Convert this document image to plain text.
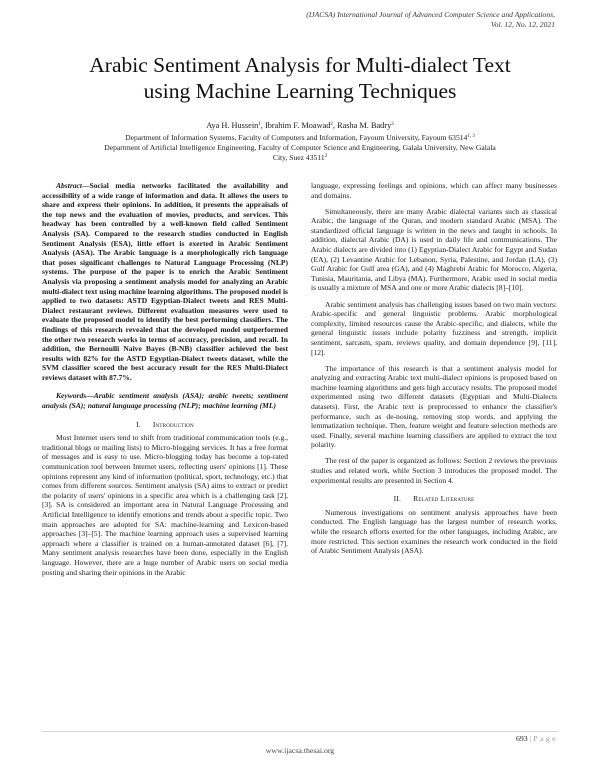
(IJACSA) International Journal of Advanced Computer Science and Applications,
Vol. 12, No. 12, 2021
Arabic Sentiment Analysis for Multi-dialect Text
using Machine Learning Techniques
Aya H. Hussein$^1$, Ibrahim F. Moawad$^2$, Rasha M. Badry$^3$
Department of Information Systems, Faculty of Computers and Information, Fayoum University, Fayoum 63514$^{1, 3}$
Department of Artificial Intelligence Engineering, Faculty of Computer Science and Engineering, Galala University, New Galala
City, Suez 43511$^2$

Abstract—Social media networks facilitated the availability and accessibility of a wide range of information and data. It allows the users to share and express their opinions. In addition, it presents the appraisals of the top news and the evaluation of movies, products, and services. This headway has been controlled by a well-known field called Sentiment Analysis (SA). Compared to the research studies conducted in English Sentiment Analysis (ESA), little effort is exerted in Arabic Sentiment Analysis (ASA). The Arabic language is a morphologically rich language that poses significant challenges to Natural Language Processing (NLP) systems. The purpose of the paper is to enrich the Arabic Sentiment Analysis via proposing a sentiment analysis model for analyzing an Arabic multi-dialect text using machine learning algorithms. The proposed model is applied to two datasets: ASTD Egyptian-Dialect tweets and RES Multi-Dialect restaurant reviews. Different evaluation measures were used to evaluate the proposed model to identify the best performing classifiers. The findings of this research revealed that the developed model outperformed the other two research works in terms of accuracy, precision, and recall. In addition, the Bernoulli Naive Bayes (B-NB) classifier achieved the best results with 82% for the ASTD Egyptian-Dialect tweets dataset, while the SVM classifier scored the best accuracy result for the RES Multi-Dialect reviews dataset with 87.7%.

Keywords—Arabic sentiment analysis (ASA); arabic tweets; sentiment analysis (SA); natural language processing (NLP); machine learning (ML)

I. Introduction

Most Internet users tend to shift from traditional communication tools (e.g., traditional blogs or mailing lists) to Micro-blogging services. It has a free format of messages and is easy to use. Micro-blogging today has become a top-rated communication tool between Internet users, reflecting users' opinions [1]. These opinions represent any kind of information (political, sport, technology, etc.) that comes from different sources. Sentiment analysis (SA) aims to extract or predict the polarity of users' opinions in a specific area which is a challenging task [2], [3]. SA is considered an important area in Natural Language Processing and Artificial Intelligence to identify emotions and trends about a specific topic. Two main approaches are adopted for SA: machine-learning and Lexicon-based approaches [3]–[5]. The machine learning approach uses a supervised learning approach where a classifier is trained on a human-annotated dataset [6], [7]. Many sentiment analysis researches have been done, especially in the English language. However, there are a huge number of Arabic users on social media posting and sharing their opinions in the Arabic

language, expressing feelings and opinions, which can affect many businesses and domains.

Simultaneously, there are many Arabic dialectal variants such as classical Arabic, the language of the Quran, and modern standard Arabic (MSA). The standardized official language is written in the news and taught in schools. In addition, dialectal Arabic (DA) is used in daily life and communications. The Arabic dialects are divided into (1) Egyptian-Dialect Arabic for Egypt and Sudan (EA), (2) Levantine Arabic for Lebanon, Syria, Palestine, and Jordan (LA), (3) Gulf Arabic for Gulf area (GA), and (4) Maghrebi Arabic for Morocco, Algeria, Tunisia, Mauritania, and Libya (MA). Furthermore, Arabic used in social media is usually a mixture of MSA and one or more Arabic dialects [8]–[10].

Arabic sentiment analysis has challenging issues based on two main vectors: Arabic-specific and general linguistic problems. Arabic morphological complexity, limited resources cause the Arabic-specific, and dialects, while the general linguistic issues include polarity fuzziness and strength, implicit sentiment, sarcasm, spam, reviews quality, and domain dependence [9], [11], [12].

The importance of this research is that a sentiment analysis model for analyzing and extracting Arabic text multi-dialect opinions is proposed based on machine learning algorithms and gets high accuracy results. The proposed model experimented using two different datasets (Egyptian and Multi-Dialects datasets). First, the Arabic text is preprocessed to enhance the classifier's performance, such as de-nosing, removing stop words, and applying the lemmatization technique. Then, feature weight and feature selection methods are used. Finally, several machine learning classifiers are applied to extract the text polarity.

The rest of the paper is organized as follows: Section 2 reviews the previous studies and related work, while Section 3 introduces the proposed model. The experimental results are presented in Section 4.

II. Related Literature

Numerous investigations on sentiment analysis approaches have been conducted. The English language has the largest number of research works, while the research efforts exerted for the other languages, including Arabic, are more restricted. This section examines the research work conducted in the field of Arabic Sentiment Analysis (ASA).

693 | Page
www.ijacsa.thesai.org
